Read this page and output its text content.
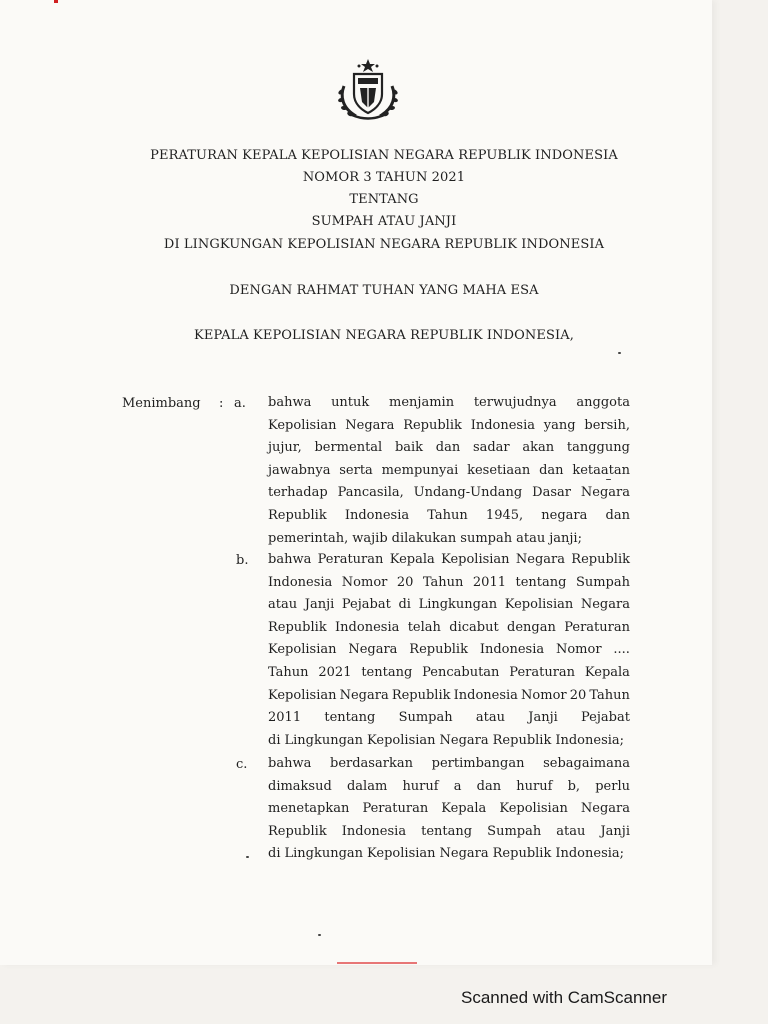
PERATURAN KEPALA KEPOLISIAN NEGARA REPUBLIK INDONESIA
NOMOR 3 TAHUN 2021
TENTANG
SUMPAH ATAU JANJI
DI LINGKUNGAN KEPOLISIAN NEGARA REPUBLIK INDONESIA
DENGAN RAHMAT TUHAN YANG MAHA ESA
KEPALA KEPOLISIAN NEGARA REPUBLIK INDONESIA,
Menimbang : a. bahwa untuk menjamin terwujudnya anggota
Kepolisian Negara Republik Indonesia yang bersih,
jujur, bermental baik dan sadar akan tanggung
jawabnya serta mempunyai kesetiaan dan ketaatan
terhadap Pancasila, Undang-Undang Dasar Negara
Republik Indonesia Tahun 1945, negara dan
pemerintah, wajib dilakukan sumpah atau janji;
b. bahwa Peraturan Kepala Kepolisian Negara Republik
Indonesia Nomor 20 Tahun 2011 tentang Sumpah
atau Janji Pejabat di Lingkungan Kepolisian Negara
Republik Indonesia telah dicabut dengan Peraturan
Kepolisian Negara Republik Indonesia Nomor ....
Tahun 2021 tentang Pencabutan Peraturan Kepala
Kepolisian Negara Republik Indonesia Nomor 20 Tahun
2011 tentang Sumpah atau Janji Pejabat
di Lingkungan Kepolisian Negara Republik Indonesia;
c. bahwa berdasarkan pertimbangan sebagaimana
dimaksud dalam huruf a dan huruf b, perlu
menetapkan Peraturan Kepala Kepolisian Negara
Republik Indonesia tentang Sumpah atau Janji
di Lingkungan Kepolisian Negara Republik Indonesia;
Scanned with CamScanner
